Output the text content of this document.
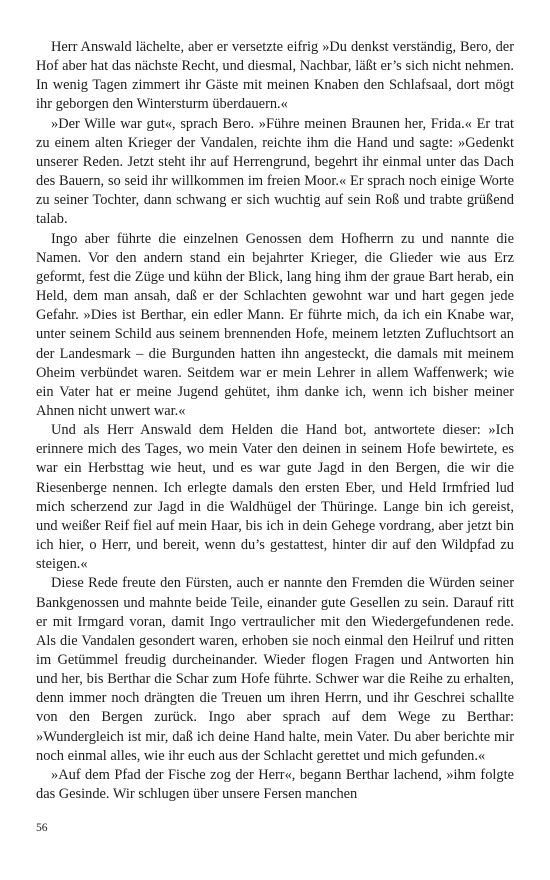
Herr Answald lächelte, aber er versetzte eifrig »Du denkst verständig, Bero, der Hof aber hat das nächste Recht, und diesmal, Nachbar, läßt er’s sich nicht nehmen. In wenig Tagen zimmert ihr Gäste mit meinen Knaben den Schlafsaal, dort mögt ihr geborgen den Wintersturm überdauern.«

»Der Wille war gut«, sprach Bero. »Führe meinen Braunen her, Frida.« Er trat zu einem alten Krieger der Vandalen, reichte ihm die Hand und sagte: »Gedenkt unserer Reden. Jetzt steht ihr auf Herrengrund, begehrt ihr einmal unter das Dach des Bauern, so seid ihr willkommen im freien Moor.« Er sprach noch einige Worte zu seiner Tochter, dann schwang er sich wuchtig auf sein Roß und trabte grüßend talab.

Ingo aber führte die einzelnen Genossen dem Hofherrn zu und nannte die Namen. Vor den andern stand ein bejahrter Krieger, die Glieder wie aus Erz geformt, fest die Züge und kühn der Blick, lang hing ihm der graue Bart herab, ein Held, dem man ansah, daß er der Schlachten gewohnt war und hart gegen jede Gefahr. »Dies ist Berthar, ein edler Mann. Er führte mich, da ich ein Knabe war, unter seinem Schild aus seinem brennenden Hofe, meinem letzten Zufluchtsort an der Landesmark – die Burgunden hatten ihn angesteckt, die damals mit meinem Oheim verbündet waren. Seitdem war er mein Lehrer in allem Waffenwerk; wie ein Vater hat er meine Jugend gehütet, ihm danke ich, wenn ich bisher meiner Ahnen nicht unwert war.«

Und als Herr Answald dem Helden die Hand bot, antwortete dieser: »Ich erinnere mich des Tages, wo mein Vater den deinen in seinem Hofe bewirtete, es war ein Herbsttag wie heut, und es war gute Jagd in den Bergen, die wir die Riesenberge nennen. Ich erlegte damals den ersten Eber, und Held Irmfried lud mich scherzend zur Jagd in die Waldhügel der Thüringe. Lange bin ich gereist, und weißer Reif fiel auf mein Haar, bis ich in dein Gehege vordrang, aber jetzt bin ich hier, o Herr, und bereit, wenn du’s gestattest, hinter dir auf den Wildpfad zu steigen.«

Diese Rede freute den Fürsten, auch er nannte den Fremden die Würden seiner Bankgenossen und mahnte beide Teile, einander gute Gesellen zu sein. Darauf ritt er mit Irmgard voran, damit Ingo vertraulicher mit den Wiedergefundenen rede. Als die Vandalen gesondert waren, erhoben sie noch einmal den Heilruf und ritten im Getümmel freudig durcheinander. Wieder flogen Fragen und Antworten hin und her, bis Berthar die Schar zum Hofe führte. Schwer war die Reihe zu erhalten, denn immer noch drängten die Treuen um ihren Herrn, und ihr Geschrei schallte von den Bergen zurück. Ingo aber sprach auf dem Wege zu Berthar: »Wundergleich ist mir, daß ich deine Hand halte, mein Vater. Du aber berichte mir noch einmal alles, wie ihr euch aus der Schlacht gerettet und mich gefunden.«

»Auf dem Pfad der Fische zog der Herr«, begann Berthar lachend, »ihm folgte das Gesinde. Wir schlugen über unsere Fersen manchen

56
